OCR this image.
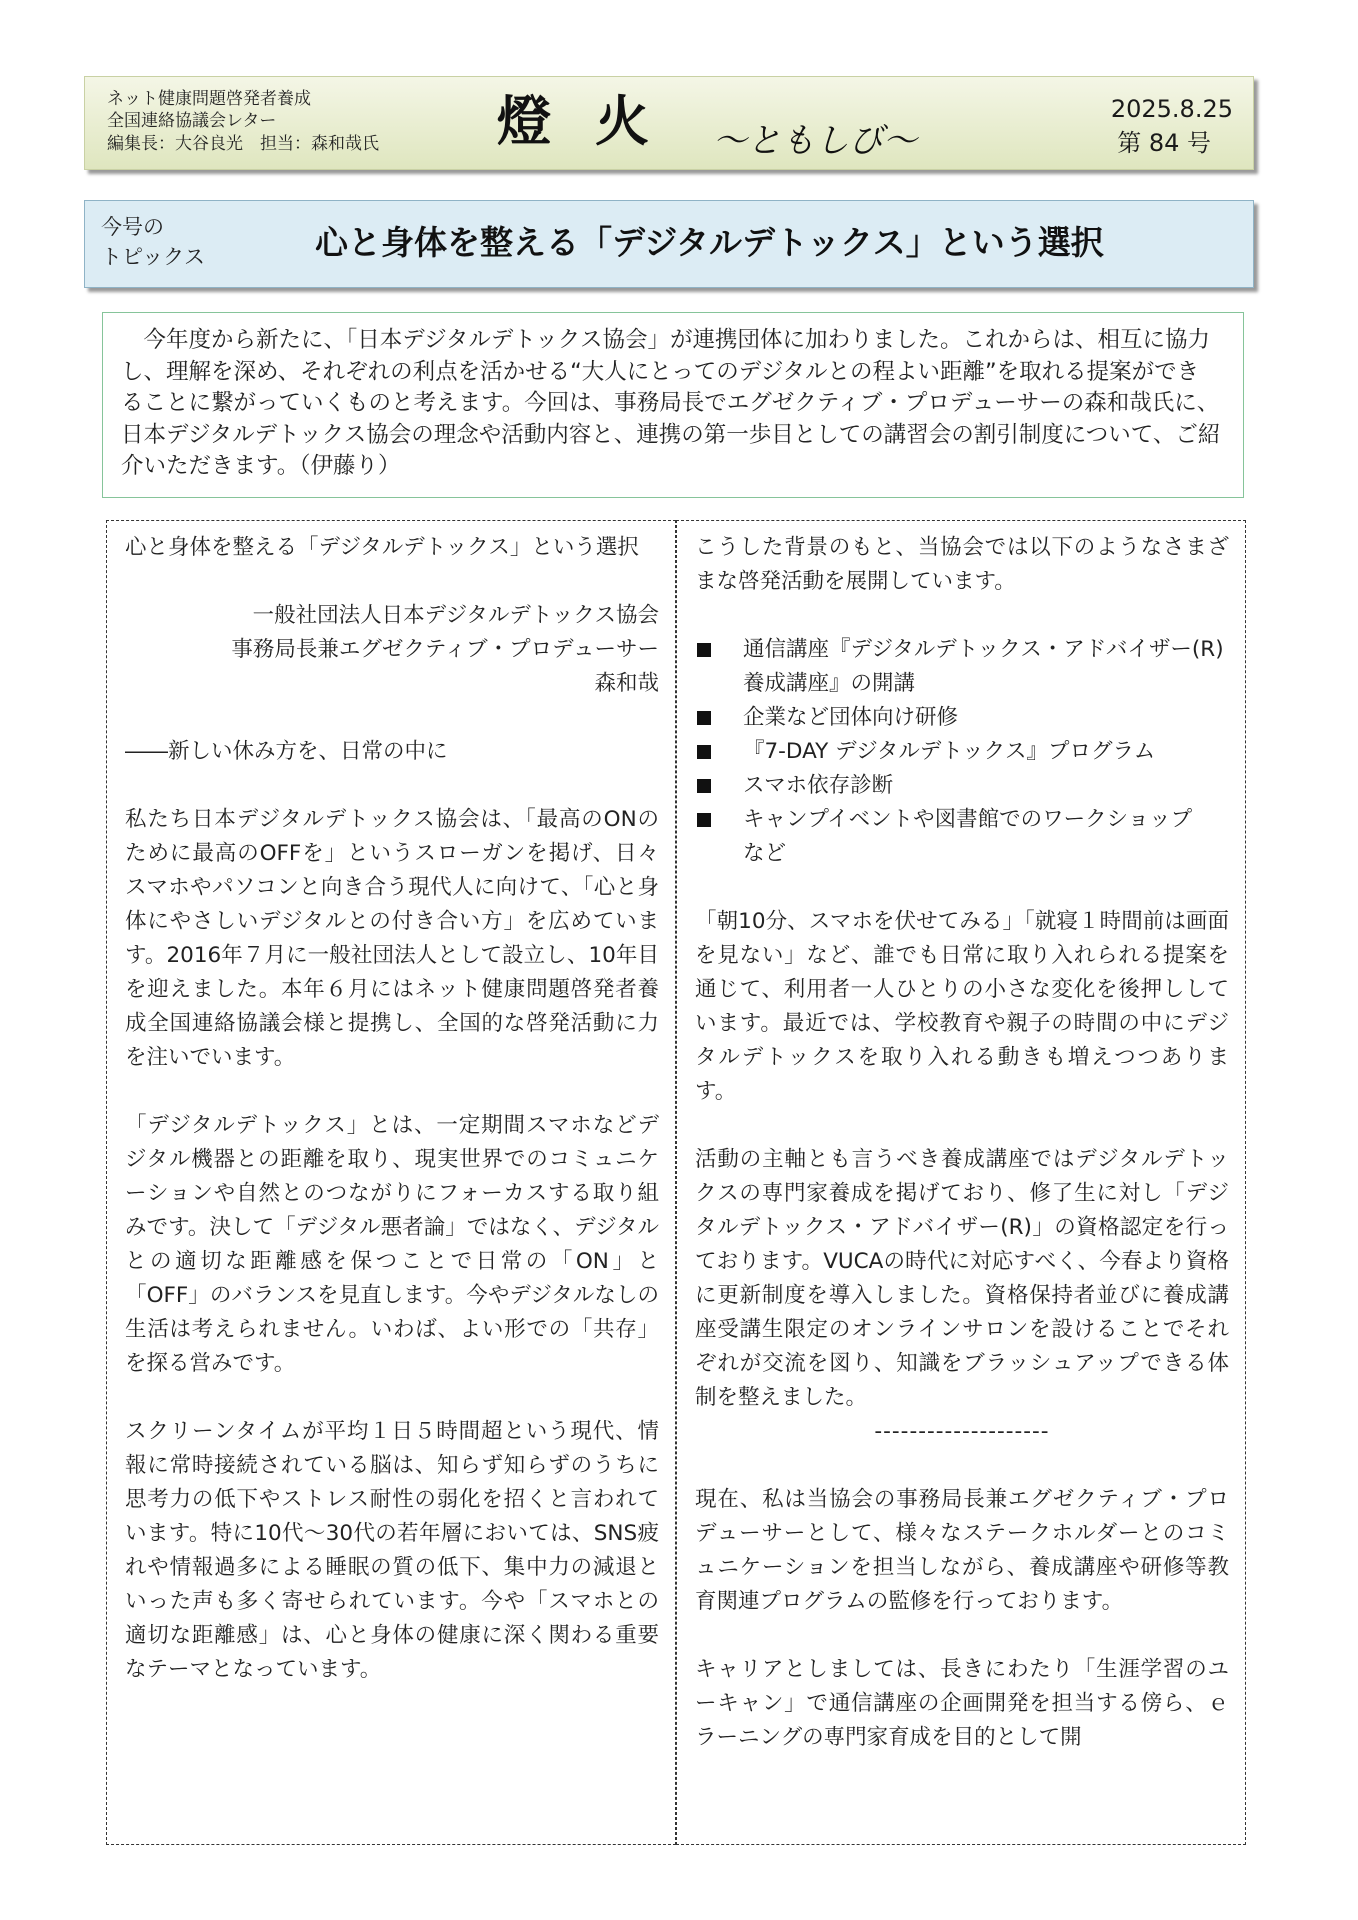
ネット健康問題啓発者養成
全国連絡協議会レター
編集長：大谷良光　担当：森和哉氏 燈火 ～ともしび～
2025.8.25
第 84 号
今号の
トピックス	心と身体を整える「デジタルデトックス」という選択

　今年度から新たに、「日本デジタルデトックス協会」が連携団体に加わりました。これからは、相互に協力し、理解を深め、それぞれの利点を活かせる“大人にとってのデジタルとの程よい距離”を取れる提案ができることに繋がっていくものと考えます。今回は、事務局長でエグゼクティブ・プロデューサーの森和哉氏に、日本デジタルデトックス協会の理念や活動内容と、連携の第一歩目としての講習会の割引制度について、ご紹介いただきます。（伊藤り）

心と身体を整える「デジタルデトックス」という選択

一般社団法人日本デジタルデトックス協会

事務局長兼エグゼクティブ・プロデューサー

森和哉

――新しい休み方を、日常の中に

私たち日本デジタルデトックス協会は、「最高のONのために最高のOFFを」というスローガンを掲げ、日々スマホやパソコンと向き合う現代人に向けて、「心と身体にやさしいデジタルとの付き合い方」を広めています。2016年７月に一般社団法人として設立し、10年目を迎えました。本年６月にはネット健康問題啓発者養成全国連絡協議会様と提携し、全国的な啓発活動に力を注いでいます。

「デジタルデトックス」とは、一定期間スマホなどデジタル機器との距離を取り、現実世界でのコミュニケーションや自然とのつながりにフォーカスする取り組みです。決して「デジタル悪者論」ではなく、デジタルとの適切な距離感を保つことで日常の「ON」と「OFF」のバランスを見直します。今やデジタルなしの生活は考えられません。いわば、よい形での「共存」を探る営みです。

スクリーンタイムが平均１日５時間超という現代、情報に常時接続されている脳は、知らず知らずのうちに思考力の低下やストレス耐性の弱化を招くと言われています。特に10代～30代の若年層においては、SNS疲れや情報過多による睡眠の質の低下、集中力の減退といった声も多く寄せられています。今や「スマホとの適切な距離感」は、心と身体の健康に深く関わる重要なテーマとなっています。

こうした背景のもと、当協会では以下のようなさまざまな啓発活動を展開しています。

通信講座『デジタルデトックス・アドバイザー(R)養成講座』の開講
企業など団体向け研修
『7-DAY デジタルデトックス』プログラム
スマホ依存診断
キャンプイベントや図書館でのワークショップ　など

「朝10分、スマホを伏せてみる」「就寝１時間前は画面を見ない」など、誰でも日常に取り入れられる提案を通じて、利用者一人ひとりの小さな変化を後押ししています。最近では、学校教育や親子の時間の中にデジタルデトックスを取り入れる動きも増えつつあります。

活動の主軸とも言うべき養成講座ではデジタルデトックスの専門家養成を掲げており、修了生に対し「デジタルデトックス・アドバイザー(R)」の資格認定を行っております。VUCAの時代に対応すべく、今春より資格に更新制度を導入しました。資格保持者並びに養成講座受講生限定のオンラインサロンを設けることでそれぞれが交流を図り、知識をブラッシュアップできる体制を整えました。

--------------------

現在、私は当協会の事務局長兼エグゼクティブ・プロデューサーとして、様々なステークホルダーとのコミュニケーションを担当しながら、養成講座や研修等教育関連プログラムの監修を行っております。

キャリアとしましては、長きにわたり「生涯学習のユーキャン」で通信講座の企画開発を担当する傍ら、ｅラーニングの専門家育成を目的として開
